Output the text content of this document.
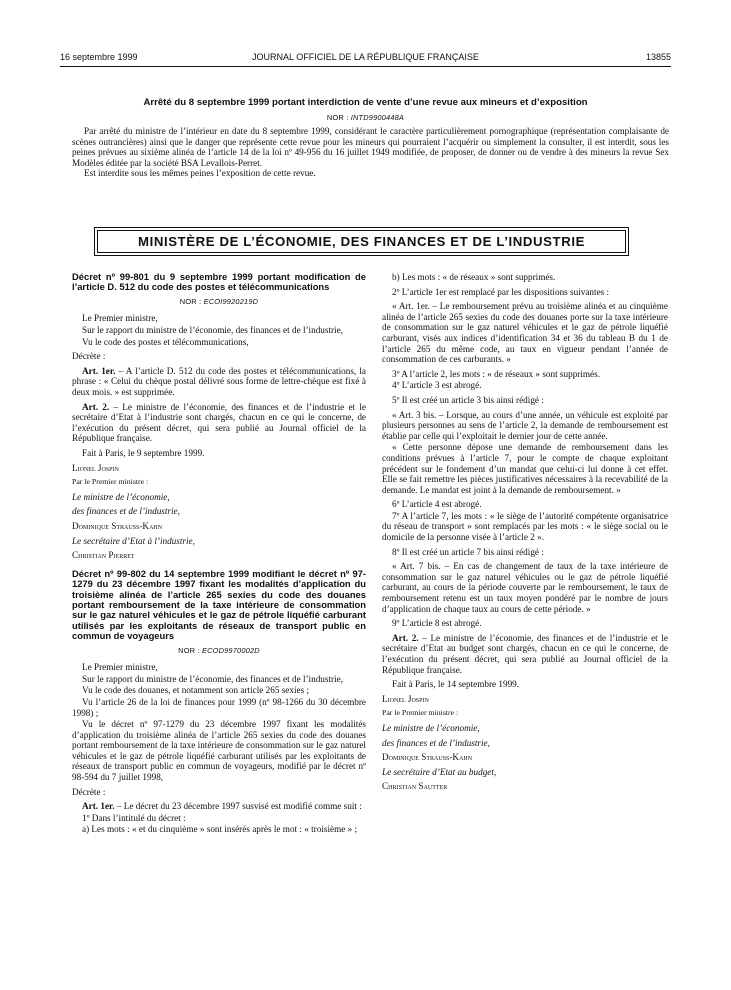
16 septembre 1999	JOURNAL OFFICIEL DE LA RÉPUBLIQUE FRANÇAISE	13855
Arrêté du 8 septembre 1999 portant interdiction de vente d’une revue aux mineurs et d’exposition
NOR : INTD9900448A

Par arrêté du ministre de l’intérieur en date du 8 septembre 1999, considérant le caractère particulièrement pornographique (représentation complaisante de scènes outrancières) ainsi que le danger que représente cette revue pour les mineurs qui pourraient l’acquérir ou simplement la consulter, il est interdit, sous les peines prévues au sixième alinéa de l’article 14 de la loi nº 49-956 du 16 juillet 1949 modifiée, de proposer, de donner ou de vendre à des mineurs la revue Sex Modèles éditée par la société BSA Levallois-Perret.

Est interdite sous les mêmes peines l’exposition de cette revue.

MINISTÈRE DE L’ÉCONOMIE, DES FINANCES ET DE L’INDUSTRIE

Décret nº 99-801 du 9 septembre 1999 portant modification de l’article D. 512 du code des postes et télécommunications

NOR : ECOI9920219D

Le Premier ministre,

Sur le rapport du ministre de l’économie, des finances et de l’industrie,

Vu le code des postes et télécommunications,

Décrète :

Art. 1er. – A l’article D. 512 du code des postes et télécommunications, la phrase : « Celui du chèque postal délivré sous forme de lettre-chèque est fixé à deux mois. » est supprimée.

Art. 2. – Le ministre de l’économie, des finances et de l’industrie et le secrétaire d’Etat à l’industrie sont chargés, chacun en ce qui le concerne, de l’exécution du présent décret, qui sera publié au Journal officiel de la République française.

Fait à Paris, le 9 septembre 1999.

Lionel Jospin

Par le Premier ministre :

Le ministre de l’économie,

des finances et de l’industrie,

Dominique Strauss-Kahn

Le secrétaire d’Etat à l’industrie,

Christian Pierret

Décret nº 99-802 du 14 septembre 1999 modifiant le décret nº 97-1279 du 23 décembre 1997 fixant les modalités d’application du troisième alinéa de l’article 265 sexies du code des douanes portant remboursement de la taxe intérieure de consommation sur le gaz naturel véhicules et le gaz de pétrole liquéfié carburant utilisés par les exploitants de réseaux de transport public en commun de voyageurs

NOR : ECOD9970002D

Le Premier ministre,

Sur le rapport du ministre de l’économie, des finances et de l’industrie,

Vu le code des douanes, et notamment son article 265 sexies ;

Vu l’article 26 de la loi de finances pour 1999 (nº 98-1266 du 30 décembre 1998) ;

Vu le décret nº 97-1279 du 23 décembre 1997 fixant les modalités d’application du troisième alinéa de l’article 265 sexies du code des douanes portant remboursement de la taxe intérieure de consommation sur le gaz naturel véhicules et le gaz de pétrole liquéfié carburant utilisés par les exploitants de réseaux de transport public en commun de voyageurs, modifié par le décret nº 98-594 du 7 juillet 1998,

Décrète :

Art. 1er. – Le décret du 23 décembre 1997 susvisé est modifié comme suit :

1º Dans l’intitulé du décret :

a) Les mots : « et du cinquième » sont insérés après le mot : « troisième » ;

b) Les mots : « de réseaux » sont supprimés.

2º L’article 1er est remplacé par les dispositions suivantes :

« Art. 1er. – Le remboursement prévu au troisième alinéa et au cinquième alinéa de l’article 265 sexies du code des douanes porte sur la taxe intérieure de consommation sur le gaz naturel véhicules et le gaz de pétrole liquéfié carburant, visés aux indices d’identification 34 et 36 du tableau B du 1 de l’article 265 du même code, au taux en vigueur pendant l’année de consommation de ces carburants. »

3º A l’article 2, les mots : « de réseaux » sont supprimés.

4º L’article 3 est abrogé.

5º Il est créé un article 3 bis ainsi rédigé :

« Art. 3 bis. – Lorsque, au cours d’une année, un véhicule est exploité par plusieurs personnes au sens de l’article 2, la demande de remboursement est établie par celle qui l’exploitait le dernier jour de cette année.

« Cette personne dépose une demande de remboursement dans les conditions prévues à l’article 7, pour le compte de chaque exploitant précédent sur le fondement d’un mandat que celui-ci lui donne à cet effet. Elle se fait remettre les pièces justificatives nécessaires à la recevabilité de la demande. Le mandat est joint à la demande de remboursement. »

6º L’article 4 est abrogé.

7º A l’article 7, les mots : « le siège de l’autorité compétente organisatrice du réseau de transport » sont remplacés par les mots : « le siège social ou le domicile de la personne visée à l’article 2 ».

8º Il est créé un article 7 bis ainsi rédigé :

« Art. 7 bis. – En cas de changement de taux de la taxe intérieure de consommation sur le gaz naturel véhicules ou le gaz de pétrole liquéfié carburant, au cours de la période couverte par le remboursement, le taux de remboursement retenu est un taux moyen pondéré par le nombre de jours d’application de chaque taux au cours de cette période. »

9º L’article 8 est abrogé.

Art. 2. – Le ministre de l’économie, des finances et de l’industrie et le secrétaire d’Etat au budget sont chargés, chacun en ce qui le concerne, de l’exécution du présent décret, qui sera publié au Journal officiel de la République française.

Fait à Paris, le 14 septembre 1999.

Lionel Jospin

Par le Premier ministre :

Le ministre de l’économie,

des finances et de l’industrie,

Dominique Strauss-Kahn

Le secrétaire d’Etat au budget,

Christian Sautter
